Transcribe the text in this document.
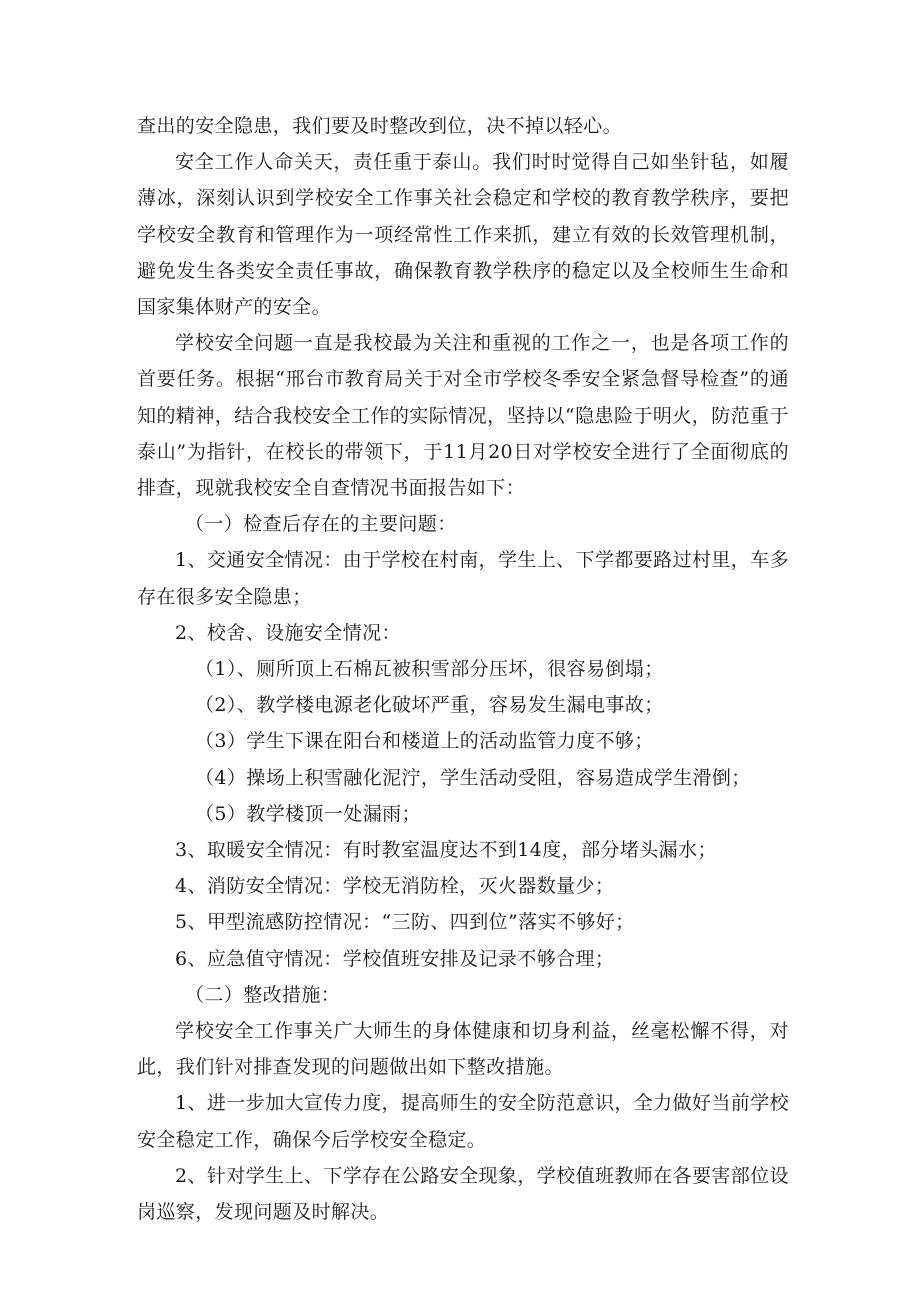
查出的安全隐患，我们要及时整改到位，决不掉以轻心。

安全工作人命关天，责任重于泰山。我们时时觉得自己如坐针毡，如履薄冰，深刻认识到学校安全工作事关社会稳定和学校的教育教学秩序，要把学校安全教育和管理作为一项经常性工作来抓，建立有效的长效管理机制，避免发生各类安全责任事故，确保教育教学秩序的稳定以及全校师生生命和国家集体财产的安全。

学校安全问题一直是我校最为关注和重视的工作之一，也是各项工作的首要任务。根据“邢台市教育局关于对全市学校冬季安全紧急督导检查”的通知的精神，结合我校安全工作的实际情况，坚持以“隐患险于明火，防范重于泰山”为指针，在校长的带领下，于11月20日对学校安全进行了全面彻底的排查，现就我校安全自查情况书面报告如下：

（一）检查后存在的主要问题：

1、交通安全情况：由于学校在村南，学生上、下学都要路过村里，车多存在很多安全隐患；

2、校舍、设施安全情况：

（1）、厕所顶上石棉瓦被积雪部分压坏，很容易倒塌；

（2）、教学楼电源老化破坏严重，容易发生漏电事故；

（3）学生下课在阳台和楼道上的活动监管力度不够；

（4）操场上积雪融化泥泞，学生活动受阻，容易造成学生滑倒；

（5）教学楼顶一处漏雨；

3、取暖安全情况：有时教室温度达不到14度，部分堵头漏水；

4、消防安全情况：学校无消防栓，灭火器数量少；

5、甲型流感防控情况：“三防、四到位”落实不够好；

6、应急值守情况：学校值班安排及记录不够合理；

（二）整改措施：

学校安全工作事关广大师生的身体健康和切身利益，丝毫松懈不得，对此，我们针对排查发现的问题做出如下整改措施。

1、进一步加大宣传力度，提高师生的安全防范意识，全力做好当前学校安全稳定工作，确保今后学校安全稳定。

2、针对学生上、下学存在公路安全现象，学校值班教师在各要害部位设岗巡察，发现问题及时解决。
